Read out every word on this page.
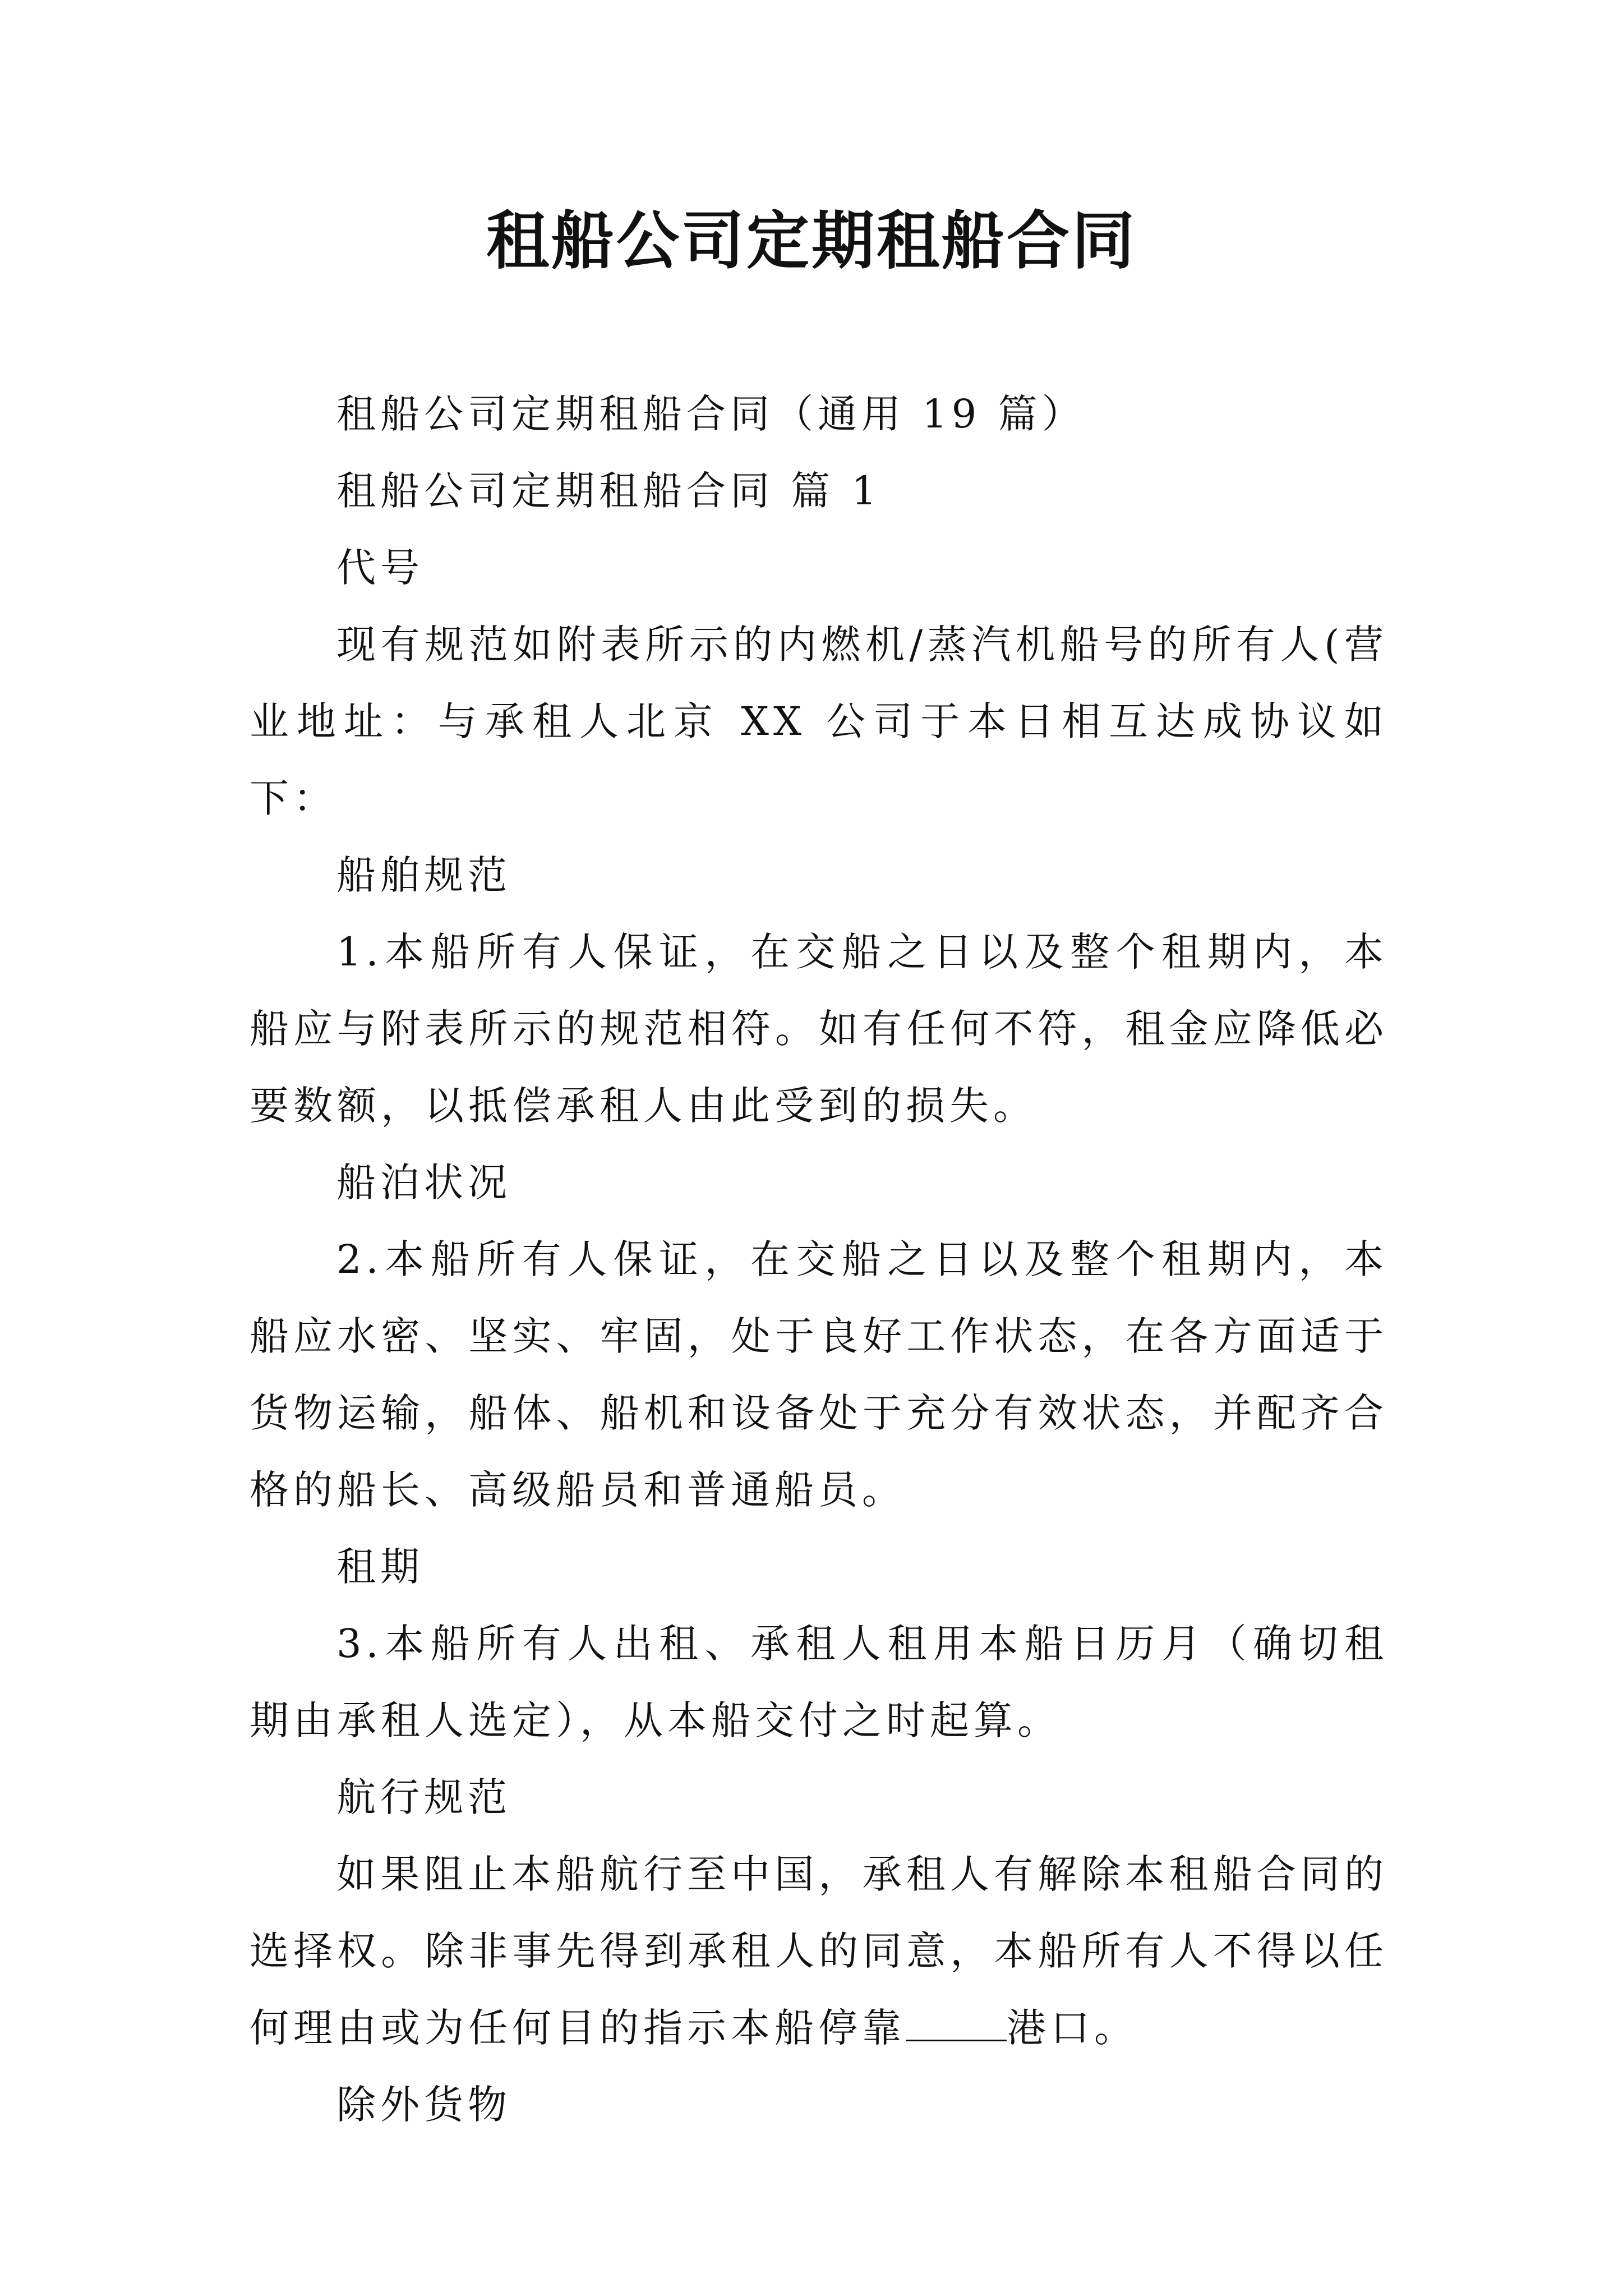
租船公司定期租船合同

租船公司定期租船合同（通用 19 篇）

租船公司定期租船合同 篇 1

代号

现有规范如附表所示的内燃机/蒸汽机船号的所有人(营业地址：与承租人北京 XX 公司于本日相互达成协议如下：

船舶规范

1.本船所有人保证，在交船之日以及整个租期内，本船应与附表所示的规范相符。如有任何不符，租金应降低必要数额，以抵偿承租人由此受到的损失。

船泊状况

2.本船所有人保证，在交船之日以及整个租期内，本船应水密、坚实、牢固，处于良好工作状态，在各方面适于货物运输，船体、船机和设备处于充分有效状态，并配齐合格的船长、高级船员和普通船员。

租期

3.本船所有人出租、承租人租用本船日历月（确切租期由承租人选定），从本船交付之时起算。

航行规范

如果阻止本船航行至中国，承租人有解除本租船合同的选择权。除非事先得到承租人的同意，本船所有人不得以任何理由或为任何目的指示本船停靠	港口。

除外货物
